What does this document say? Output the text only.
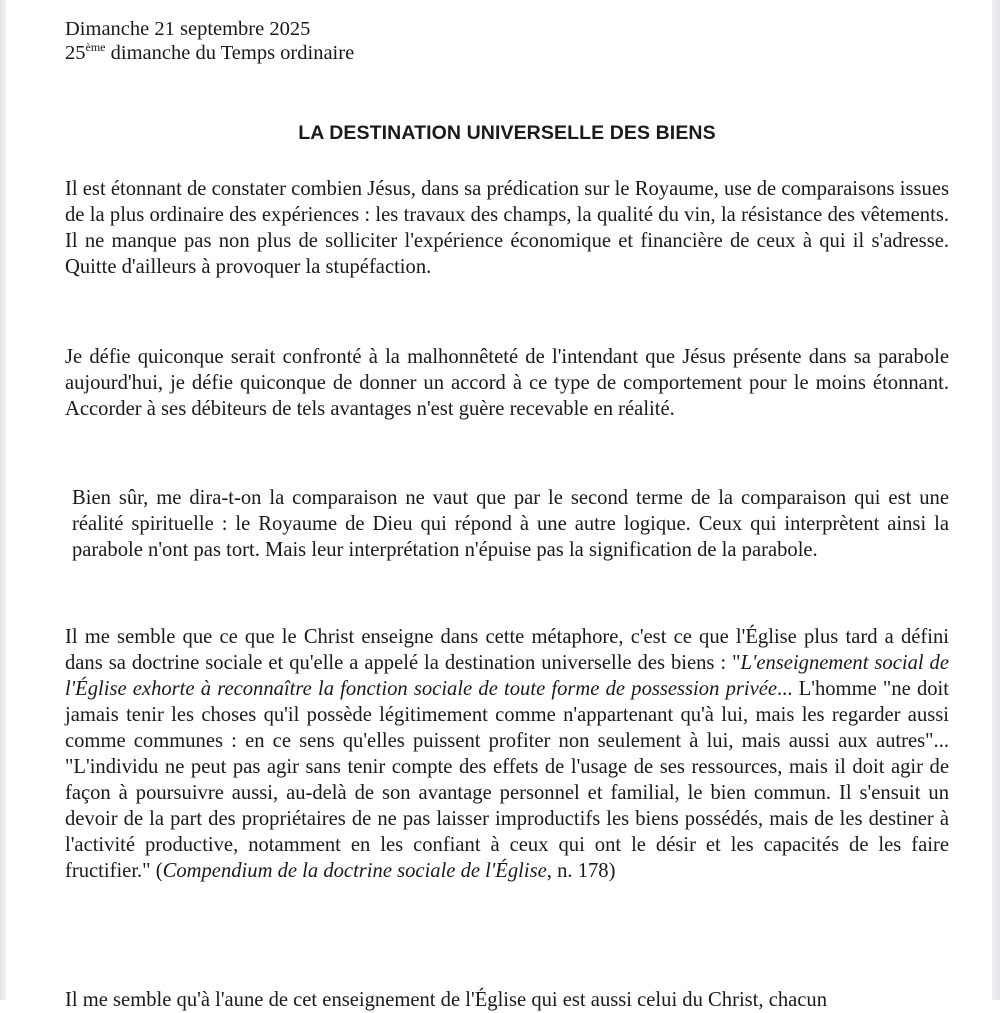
Dimanche 21 septembre 2025
25ème dimanche du Temps ordinaire
LA DESTINATION UNIVERSELLE DES BIENS

Il est étonnant de constater combien Jésus, dans sa prédication sur le Royaume, use de comparaisons issues de la plus ordinaire des expériences : les travaux des champs, la qualité du vin, la résistance des vêtements. Il ne manque pas non plus de solliciter l'expérience économique et financière de ceux à qui il s'adresse. Quitte d'ailleurs à provoquer la stupéfaction.

Je défie quiconque serait confronté à la malhonnêteté de l'intendant que Jésus présente dans sa parabole aujourd'hui, je défie quiconque de donner un accord à ce type de comportement pour le moins étonnant. Accorder à ses débiteurs de tels avantages n'est guère recevable en réalité.

Bien sûr, me dira-t-on la comparaison ne vaut que par le second terme de la comparaison qui est une réalité spirituelle : le Royaume de Dieu qui répond à une autre logique. Ceux qui interprètent ainsi la parabole n'ont pas tort. Mais leur interprétation n'épuise pas la signification de la parabole.

Il me semble que ce que le Christ enseigne dans cette métaphore, c'est ce que l'Église plus tard a défini dans sa doctrine sociale et qu'elle a appelé la destination universelle des biens : "L'enseignement social de l'Église exhorte à reconnaître la fonction sociale de toute forme de possession privée... L'homme "ne doit jamais tenir les choses qu'il possède légitimement comme n'appartenant qu'à lui, mais les regarder aussi comme communes : en ce sens qu'elles puissent profiter non seulement à lui, mais aussi aux autres"... "L'individu ne peut pas agir sans tenir compte des effets de l'usage de ses ressources, mais il doit agir de façon à poursuivre aussi, au-delà de son avantage personnel et familial, le bien commun. Il s'ensuit un devoir de la part des propriétaires de ne pas laisser improductifs les biens possédés, mais de les destiner à l'activité productive, notamment en les confiant à ceux qui ont le désir et les capacités de les faire fructifier." (Compendium de la doctrine sociale de l'Église, n. 178)

Il me semble qu'à l'aune de cet enseignement de l'Église qui est aussi celui du Christ, chacun
